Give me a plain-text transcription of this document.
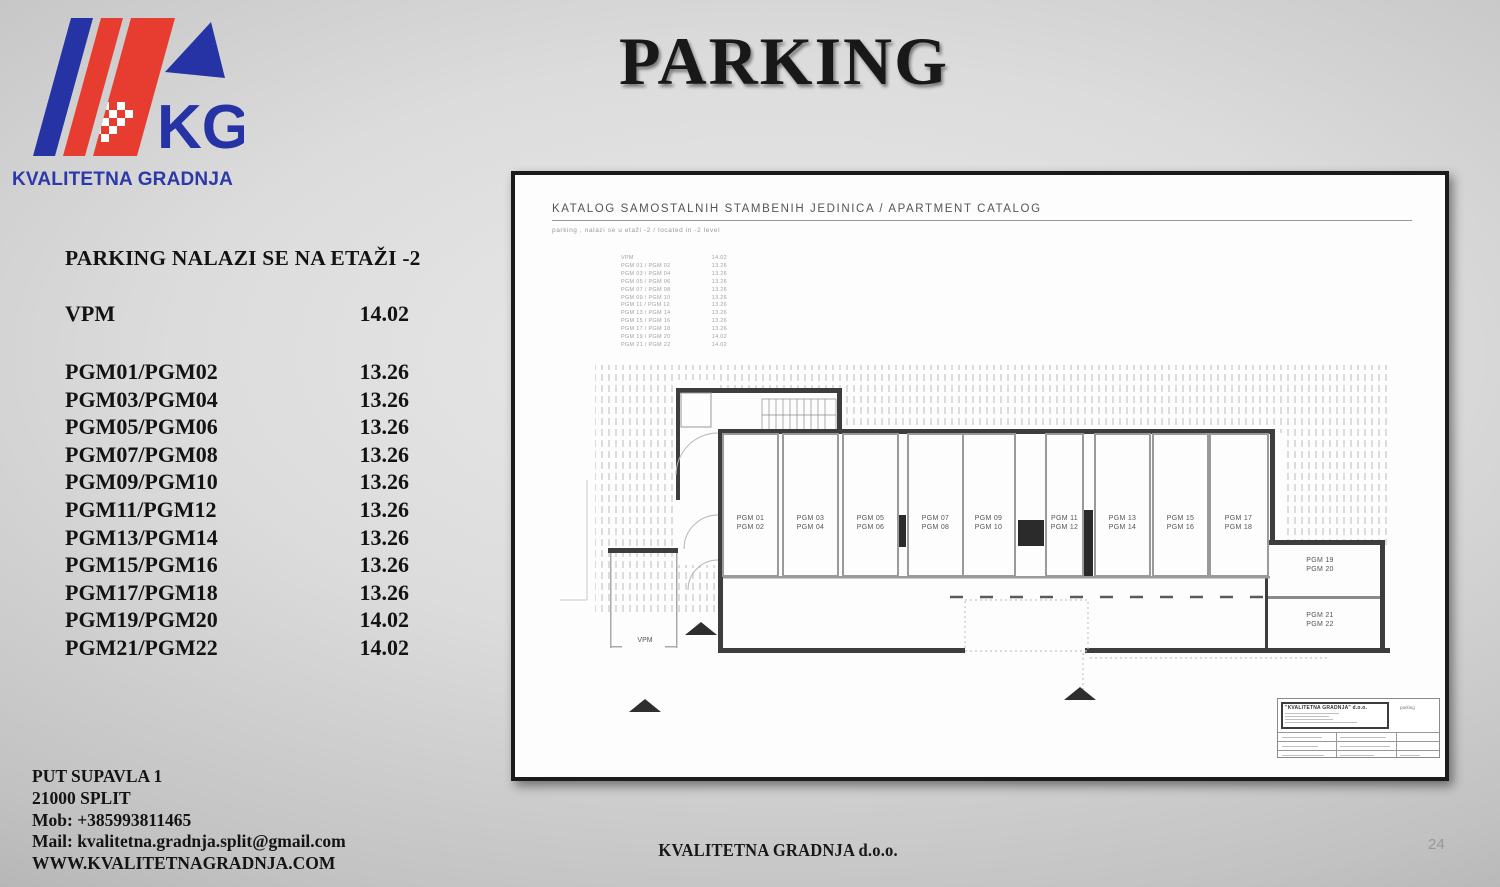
KG
KVALITETNA GRADNJA
PARKING
PARKING NALAZI SE NA ETAŽI -2
VPM	14.02
PGM01/PGM02	13.26
PGM03/PGM04	13.26
PGM05/PGM06	13.26
PGM07/PGM08	13.26
PGM09/PGM10	13.26
PGM11/PGM12	13.26
PGM13/PGM14	13.26
PGM15/PGM16	13.26
PGM17/PGM18	13.26
PGM19/PGM20	14.02
PGM21/PGM22	14.02
PUT SUPAVLA 1
21000 SPLIT
Mob: +385993811465
Mail: kvalitetna.gradnja.split@gmail.com
WWW.KVALITETNAGRADNJA.COM
KVALITETNA GRADNJA d.o.o.	24
KATALOG SAMOSTALNIH STAMBENIH JEDINICA / APARTMENT CATALOG
parking , nalazi se u etaži -2 / located in -2 level
VPM	14.02
PGM 01 / PGM 02	13.26
PGM 03 / PGM 04	13.26
PGM 05 / PGM 06	13.26
PGM 07 / PGM 08	13.26
PGM 09 / PGM 10	13.26
PGM 11 / PGM 12	13.26
PGM 13 / PGM 14	13.26
PGM 15 / PGM 16	13.26
PGM 17 / PGM 18	13.26
PGM 19 / PGM 20	14.02
PGM 21 / PGM 22	14.02
PGM 01
PGM 02
PGM 03
PGM 04
PGM 05
PGM 06
PGM 07
PGM 08
PGM 09
PGM 10
PGM 11
PGM 12
PGM 13
PGM 14
PGM 15
PGM 16
PGM 17
PGM 18
PGM 19
PGM 20
PGM 21
PGM 22
VPM
"KVALITETNA GRADNJA" d.o.o.	parking
